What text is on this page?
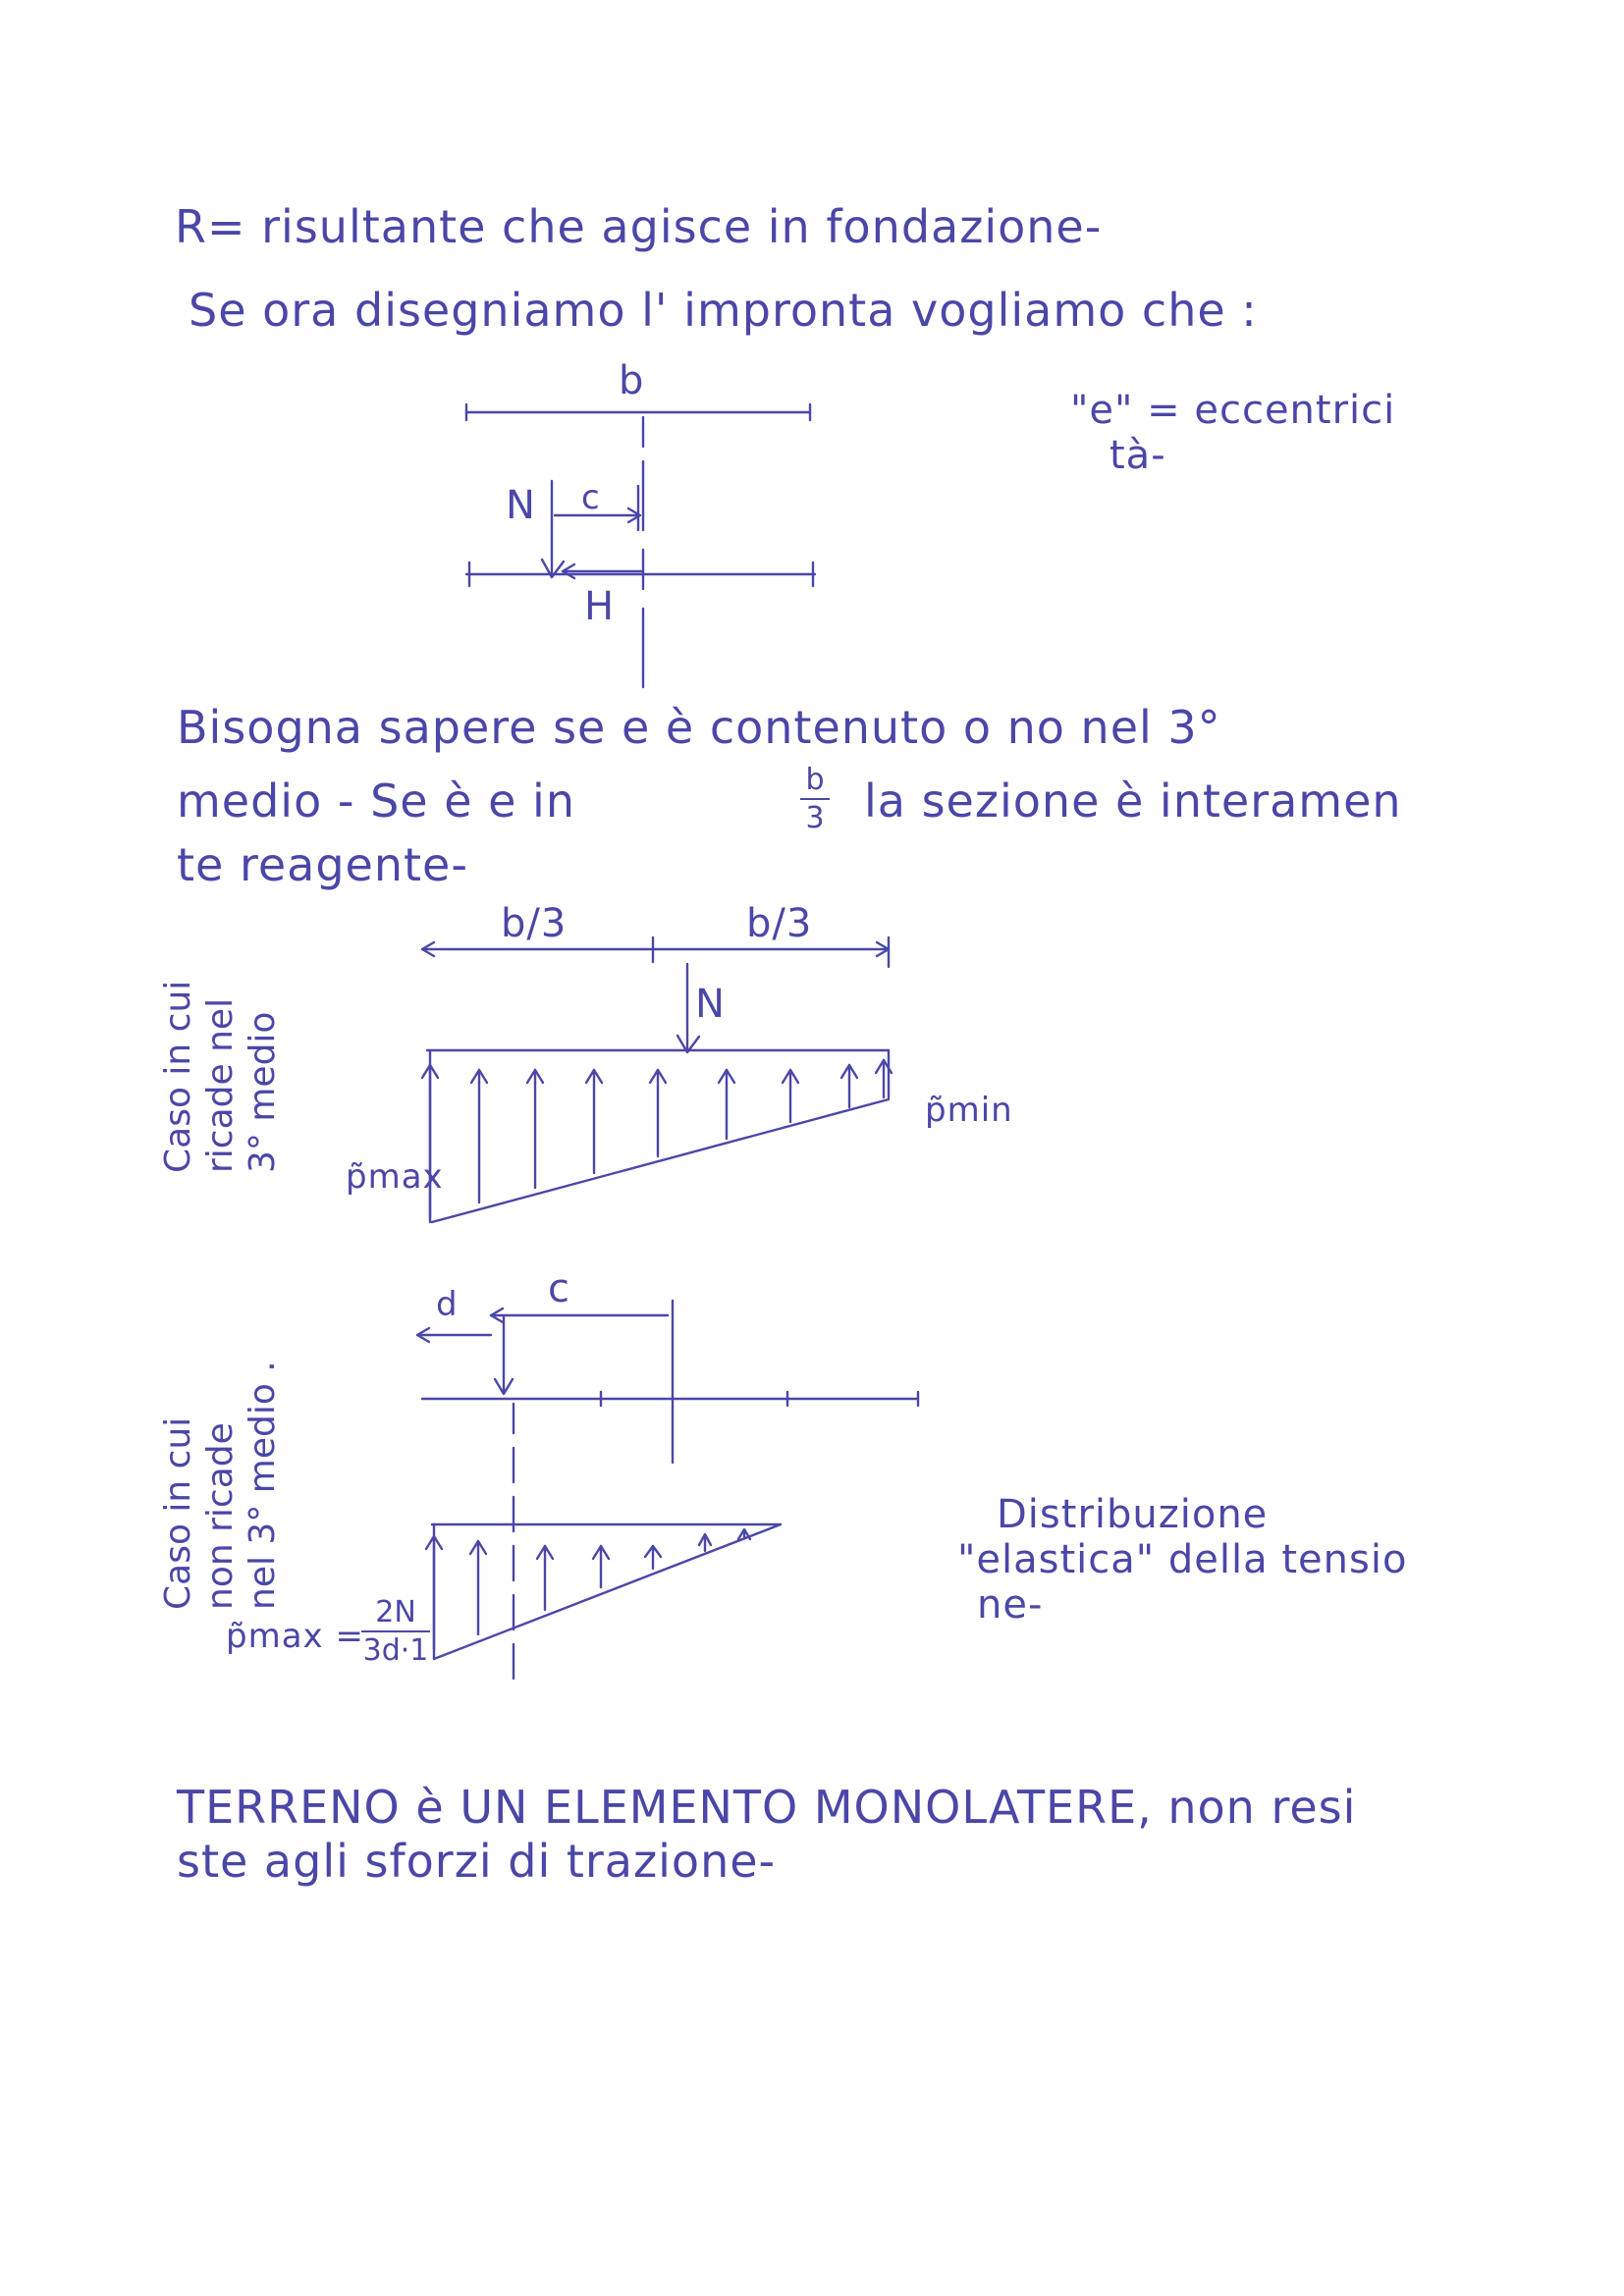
R= risultante che agisce in fondazione-
Se ora disegniamo l' impronta vogliamo che :
b
N c
H
"e" = eccentrici
tà-
Bisogna sapere se e è contenuto o no nel 3°
medio - Se è e in	b
3 la sezione è interamen
te reagente-
b/3	b/3
N
p̃min
p̃max
Caso in cui ricade nel 3° medio
d c
Caso in cui non ricade nel 3° medio .
p̃max =
2N
3d·1
Distribuzione
"elastica" della tensio
ne-
TERRENO è UN ELEMENTO MONOLATERE, non resi
ste agli sforzi di trazione-
